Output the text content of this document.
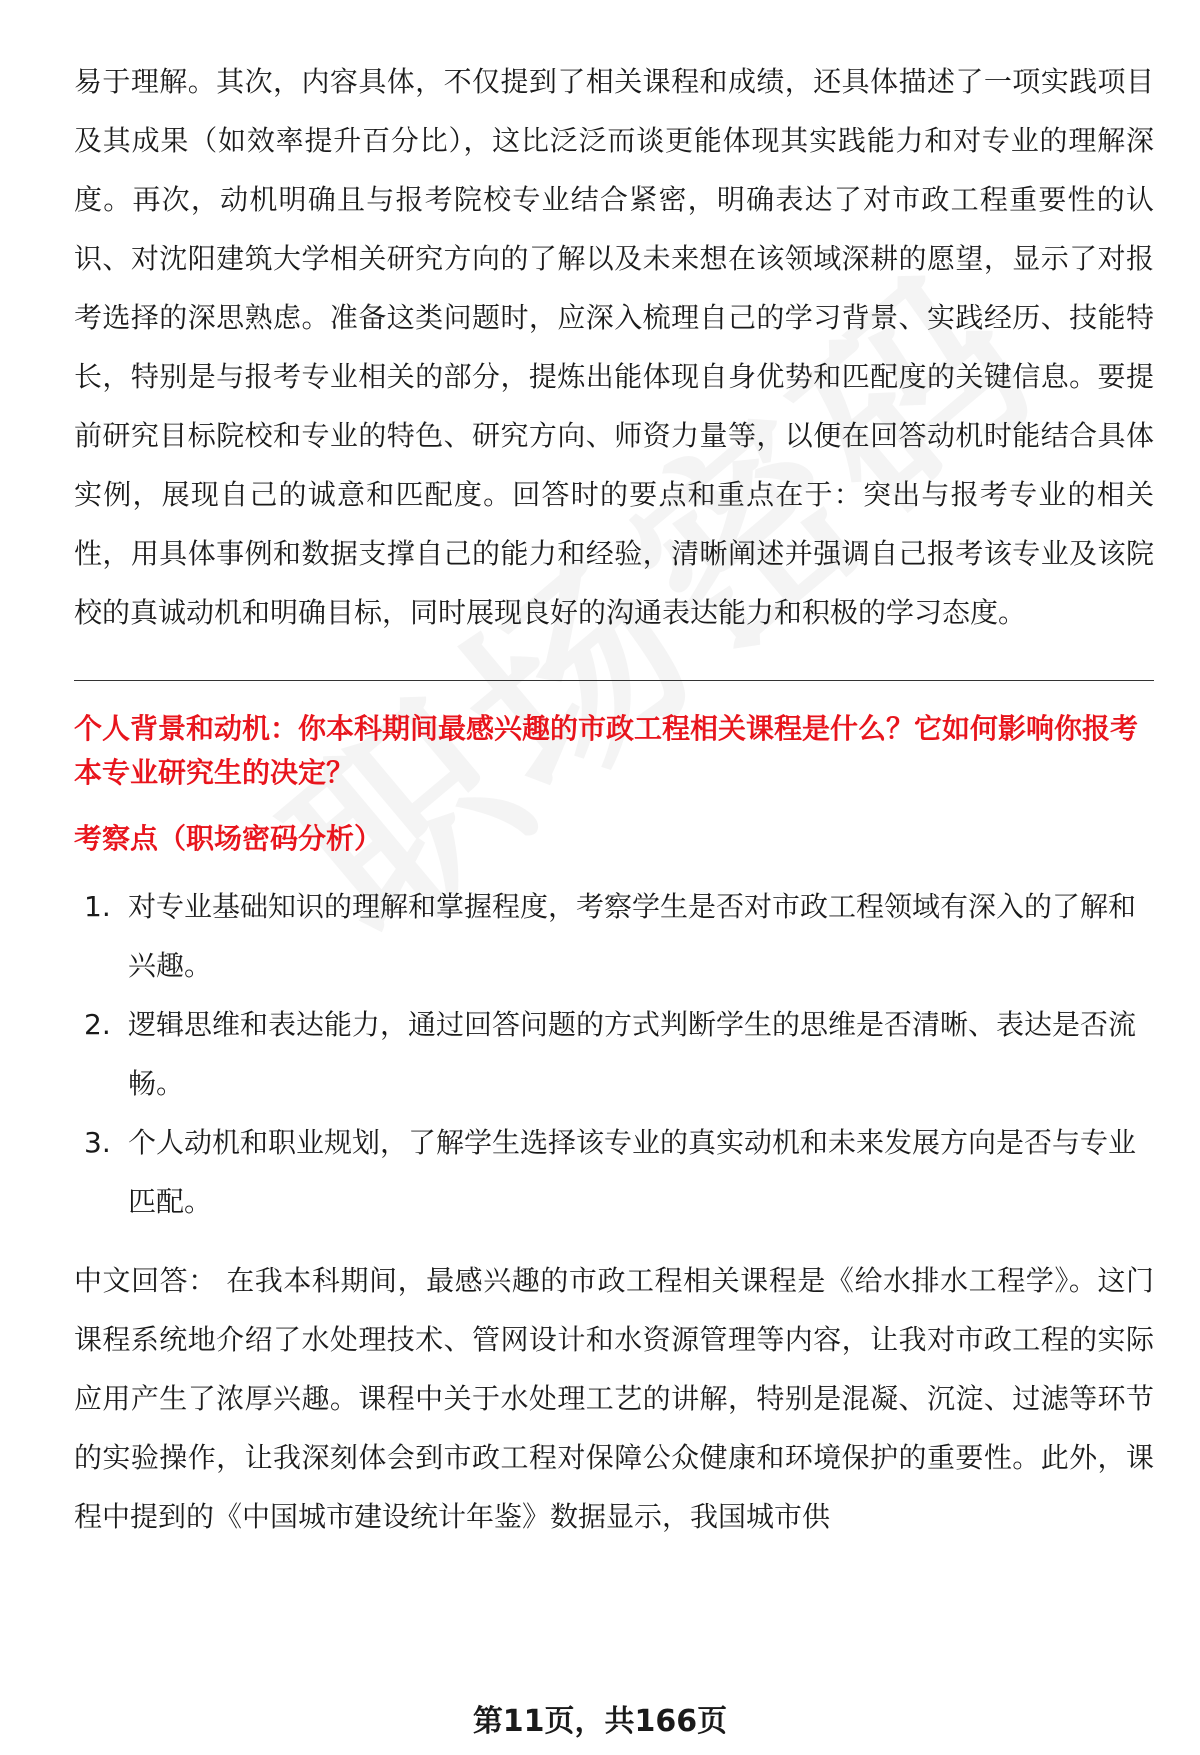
易于理解。其次，内容具体，不仅提到了相关课程和成绩，还具体描述了一项实践项目及其成果（如效率提升百分比），这比泛泛而谈更能体现其实践能力和对专业的理解深度。再次，动机明确且与报考院校专业结合紧密，明确表达了对市政工程重要性的认识、对沈阳建筑大学相关研究方向的了解以及未来想在该领域深耕的愿望，显示了对报考选择的深思熟虑。准备这类问题时，应深入梳理自己的学习背景、实践经历、技能特长，特别是与报考专业相关的部分，提炼出能体现自身优势和匹配度的关键信息。要提前研究目标院校和专业的特色、研究方向、师资力量等，以便在回答动机时能结合具体实例，展现自己的诚意和匹配度。回答时的要点和重点在于：突出与报考专业的相关性，用具体事例和数据支撑自己的能力和经验，清晰阐述并强调自己报考该专业及该院校的真诚动机和明确目标，同时展现良好的沟通表达能力和积极的学习态度。

个人背景和动机：你本科期间最感兴趣的市政工程相关课程是什么？它如何影响你报考本专业研究生的决定？

考察点（职场密码分析）

1. 对专业基础知识的理解和掌握程度，考察学生是否对市政工程领域有深入的了解和兴趣。
2. 逻辑思维和表达能力，通过回答问题的方式判断学生的思维是否清晰、表达是否流畅。
3. 个人动机和职业规划，了解学生选择该专业的真实动机和未来发展方向是否与专业匹配。

中文回答： 在我本科期间，最感兴趣的市政工程相关课程是《给水排水工程学》。这门课程系统地介绍了水处理技术、管网设计和水资源管理等内容，让我对市政工程的实际应用产生了浓厚兴趣。课程中关于水处理工艺的讲解，特别是混凝、沉淀、过滤等环节的实验操作，让我深刻体会到市政工程对保障公众健康和环境保护的重要性。此外，课程中提到的《中国城市建设统计年鉴》数据显示，我国城市供

第11页，共166页
